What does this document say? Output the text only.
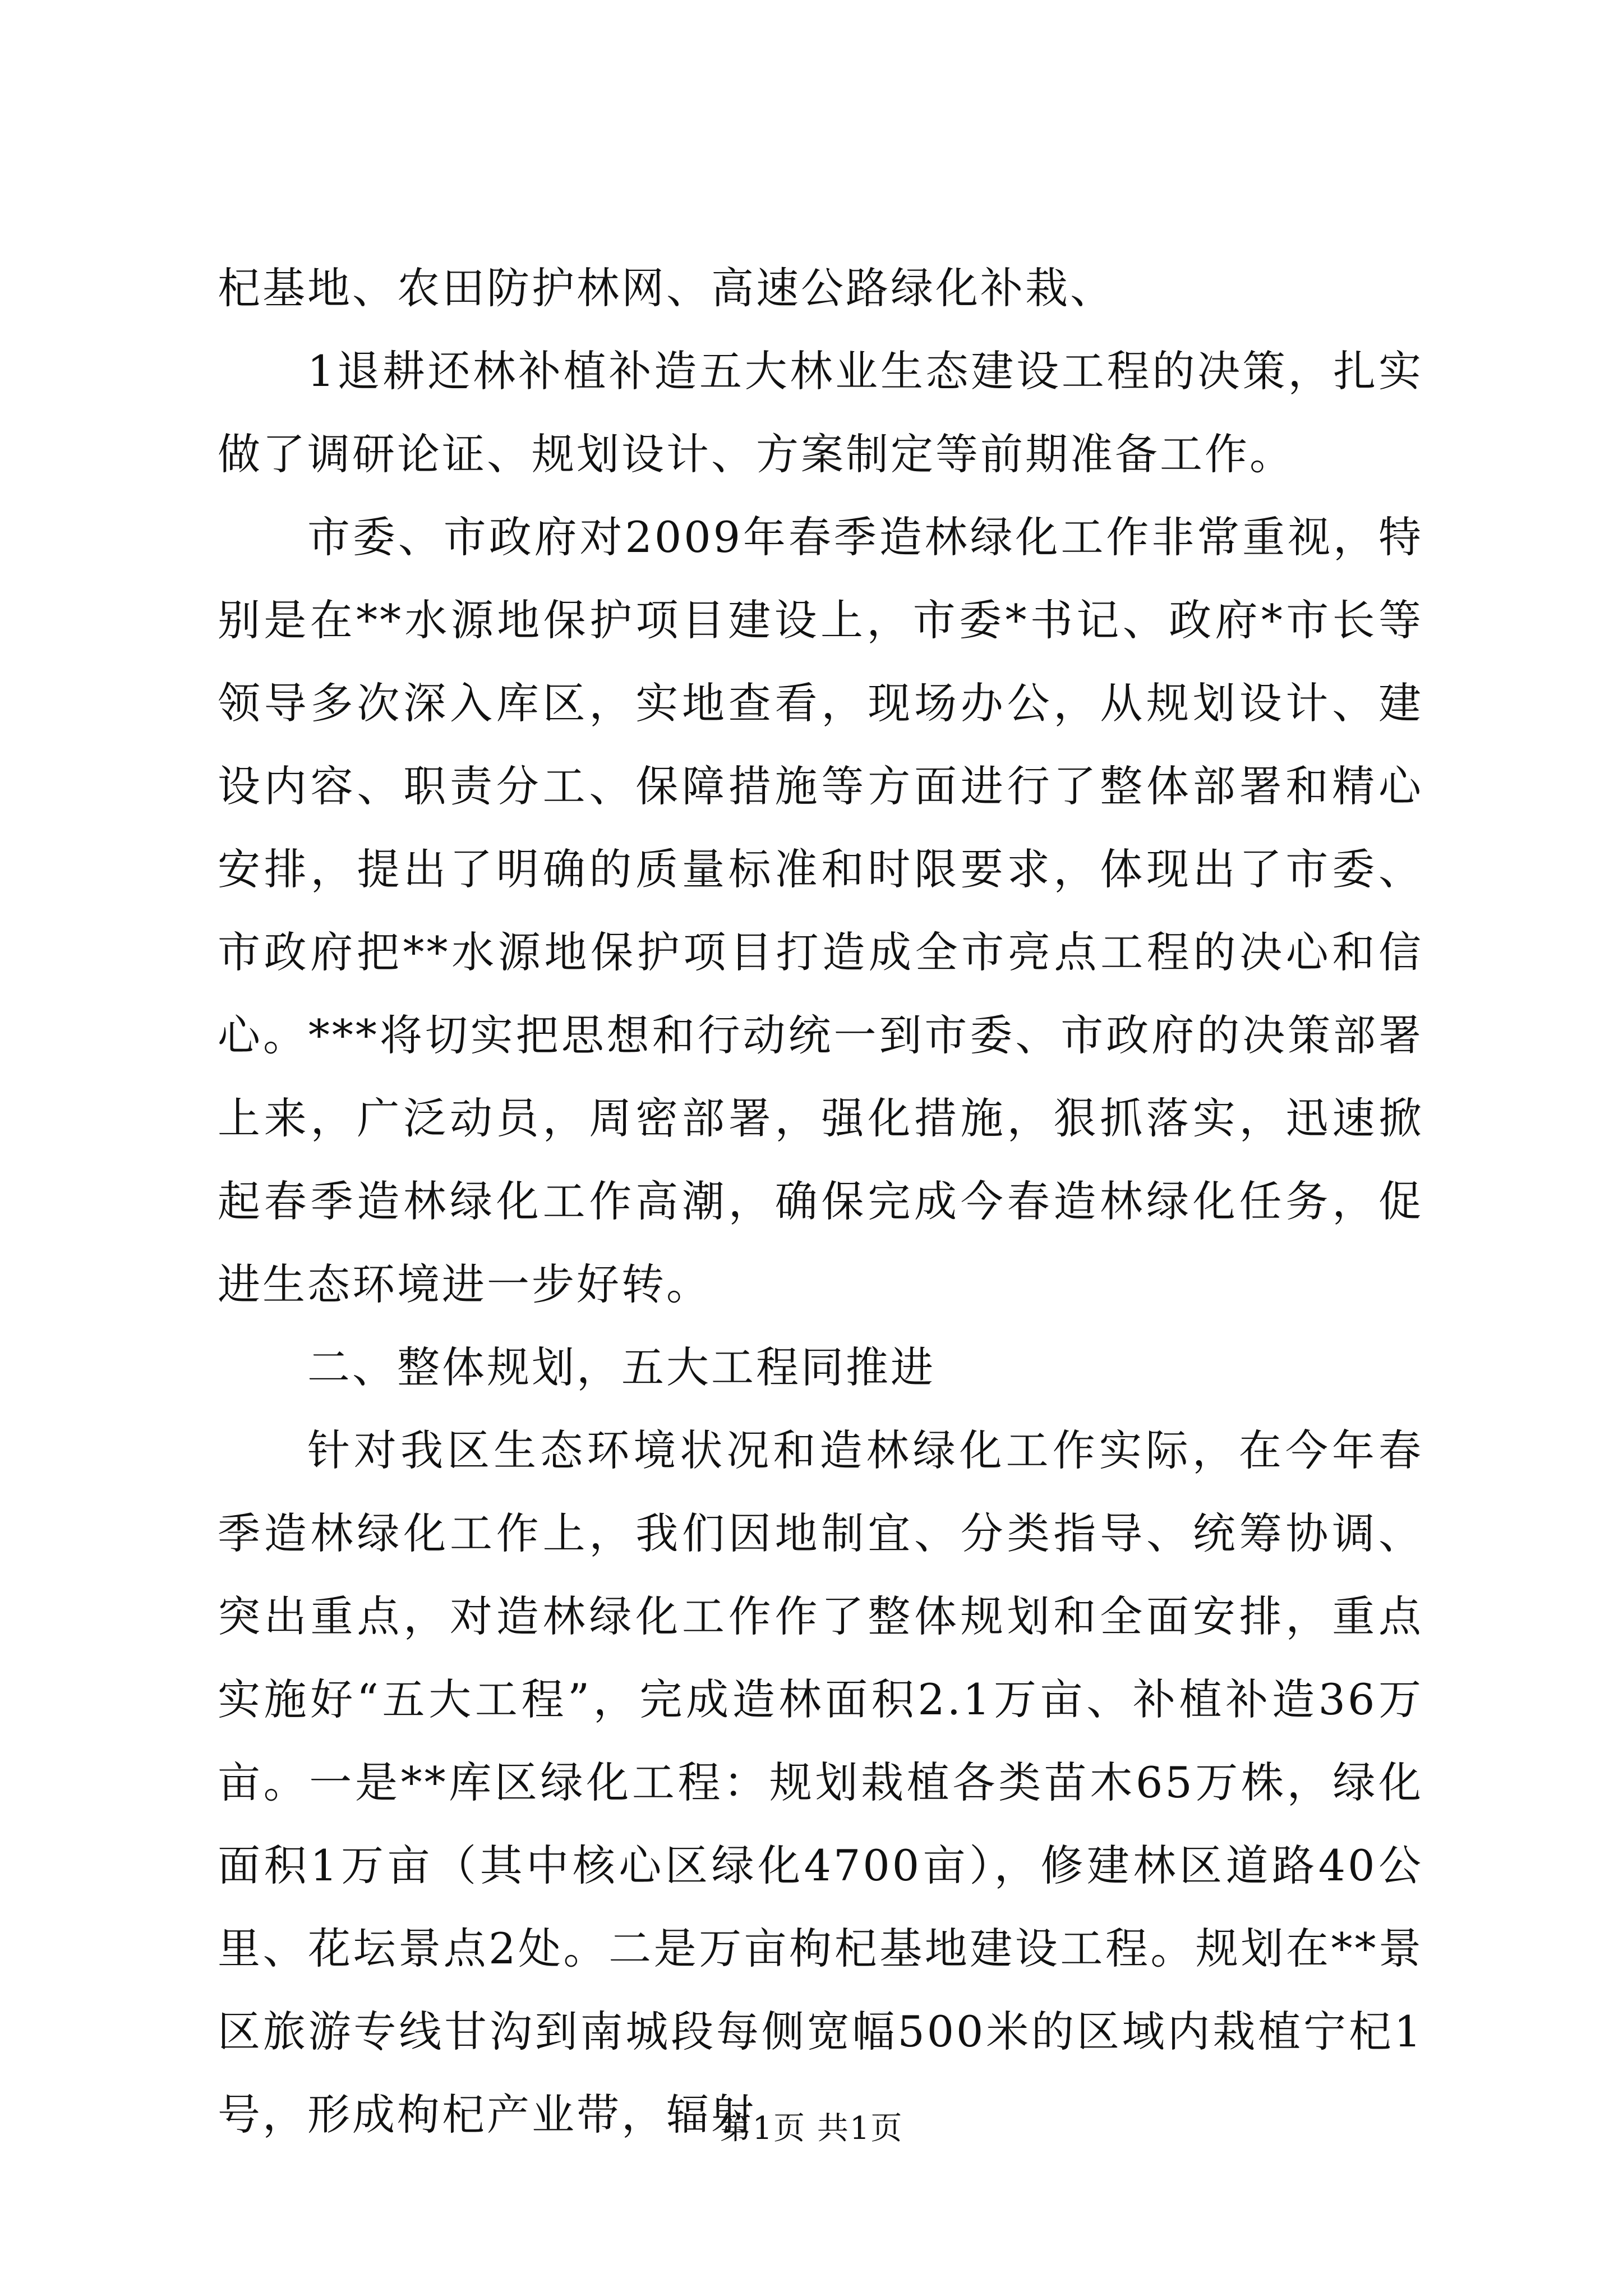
杞基地、农田防护林网、高速公路绿化补栽、

1退耕还林补植补造五大林业生态建设工程的决策，扎实做了调研论证、规划设计、方案制定等前期准备工作。

市委、市政府对2009年春季造林绿化工作非常重视，特别是在**水源地保护项目建设上，市委*书记、政府*市长等领导多次深入库区，实地查看，现场办公，从规划设计、建设内容、职责分工、保障措施等方面进行了整体部署和精心安排，提出了明确的质量标准和时限要求，体现出了市委、市政府把**水源地保护项目打造成全市亮点工程的决心和信心。***将切实把思想和行动统一到市委、市政府的决策部署上来，广泛动员，周密部署，强化措施，狠抓落实，迅速掀起春季造林绿化工作高潮，确保完成今春造林绿化任务，促进生态环境进一步好转。

二、整体规划，五大工程同推进

针对我区生态环境状况和造林绿化工作实际，在今年春季造林绿化工作上，我们因地制宜、分类指导、统筹协调、突出重点，对造林绿化工作作了整体规划和全面安排，重点实施好“五大工程”，完成造林面积2.1万亩、补植补造36万亩。一是**库区绿化工程：规划栽植各类苗木65万株，绿化面积1万亩（其中核心区绿化4700亩），修建林区道路40公里、花坛景点2处。二是万亩枸杞基地建设工程。规划在**景区旅游专线甘沟到南城段每侧宽幅500米的区域内栽植宁杞1号，形成枸杞产业带，辐射

第1页 共1页
